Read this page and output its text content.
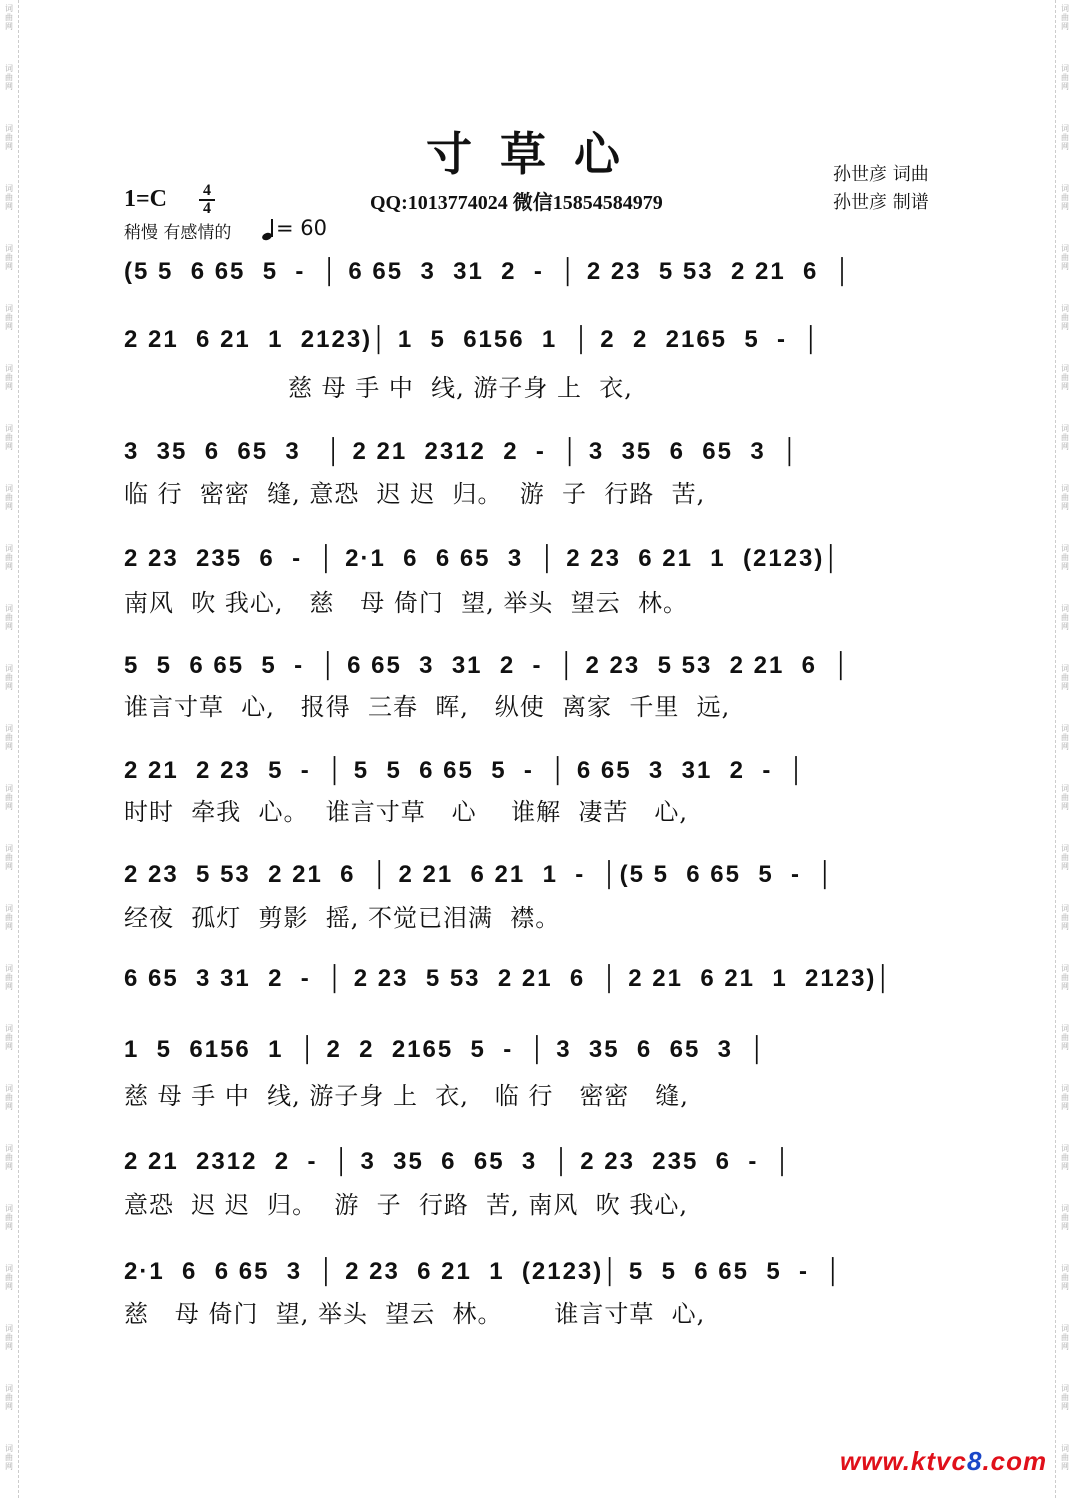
词
曲
网
词
曲
网
词
曲
网
词
曲
网
词
曲
网
词
曲
网
词
曲
网
词
曲
网
词
曲
网
词
曲
网
词
曲
网
词
曲
网
词
曲
网
词
曲
网
词
曲
网
词
曲
网
词
曲
网
词
曲
网
词
曲
网
词
曲
网
词
曲
网
词
曲
网
词
曲
网
词
曲
网
词
曲
网
词
曲
网
词
曲
网
词
曲
网
词
曲
网
词
曲
网
词
曲
网
词
曲
网
词
曲
网
词
曲
网
词
曲
网
词
曲
网
词
曲
网
词
曲
网
词
曲
网
词
曲
网
词
曲
网
词
曲
网
词
曲
网
词
曲
网
词
曲
网
词
曲
网
词
曲
网
词
曲
网
词
曲
网
词
曲
网
寸草心	孙世彦 词曲
孙世彦 制谱
1=C 4
4	QQ:1013774024 微信15854584979
稍慢 有感情的	= 60
(5 5  6 65  5  -  │ 6 65  3  31  2  -  │ 2 23  5 53  2 21  6  │
2 21  6 21  1  2123)│ 1  5  6156  1  │ 2  2  2165  5  -  │
慈 母 手 中  线, 游子身 上  衣,
3  35  6  65  3   │ 2 21  2312  2  -  │ 3  35  6  65  3  │
临 行  密密  缝, 意恐  迟 迟  归。  游  子  行路  苦,
2 23  235  6  -  │ 2·1  6  6 65  3  │ 2 23  6 21  1  (2123)│
南风  吹 我心,   慈   母 倚门  望, 举头  望云  林。
5  5  6 65  5  -  │ 6 65  3  31  2  -  │ 2 23  5 53  2 21  6  │
谁言寸草  心,   报得  三春  晖,   纵使  离家  千里  远,
2 21  2 23  5  -  │ 5  5  6 65  5  -  │ 6 65  3  31  2  -  │
时时  牵我  心。  谁言寸草   心    谁解  凄苦   心,
2 23  5 53  2 21  6  │ 2 21  6 21  1  -  │(5 5  6 65  5  -  │
经夜  孤灯  剪影  摇, 不觉已泪满  襟。
6 65  3 31  2  -  │ 2 23  5 53  2 21  6  │ 2 21  6 21  1  2123)│
1  5  6156  1  │ 2  2  2165  5  -  │ 3  35  6  65  3  │
慈 母 手 中  线, 游子身 上  衣,   临 行   密密   缝,
2 21  2312  2  -  │ 3  35  6  65  3  │ 2 23  235  6  -  │
意恐  迟 迟  归。  游  子  行路  苦, 南风  吹 我心,
2·1  6  6 65  3  │ 2 23  6 21  1  (2123)│ 5  5  6 65  5  -  │
慈   母 倚门  望, 举头  望云  林。      谁言寸草  心,
www.ktvc8.com
